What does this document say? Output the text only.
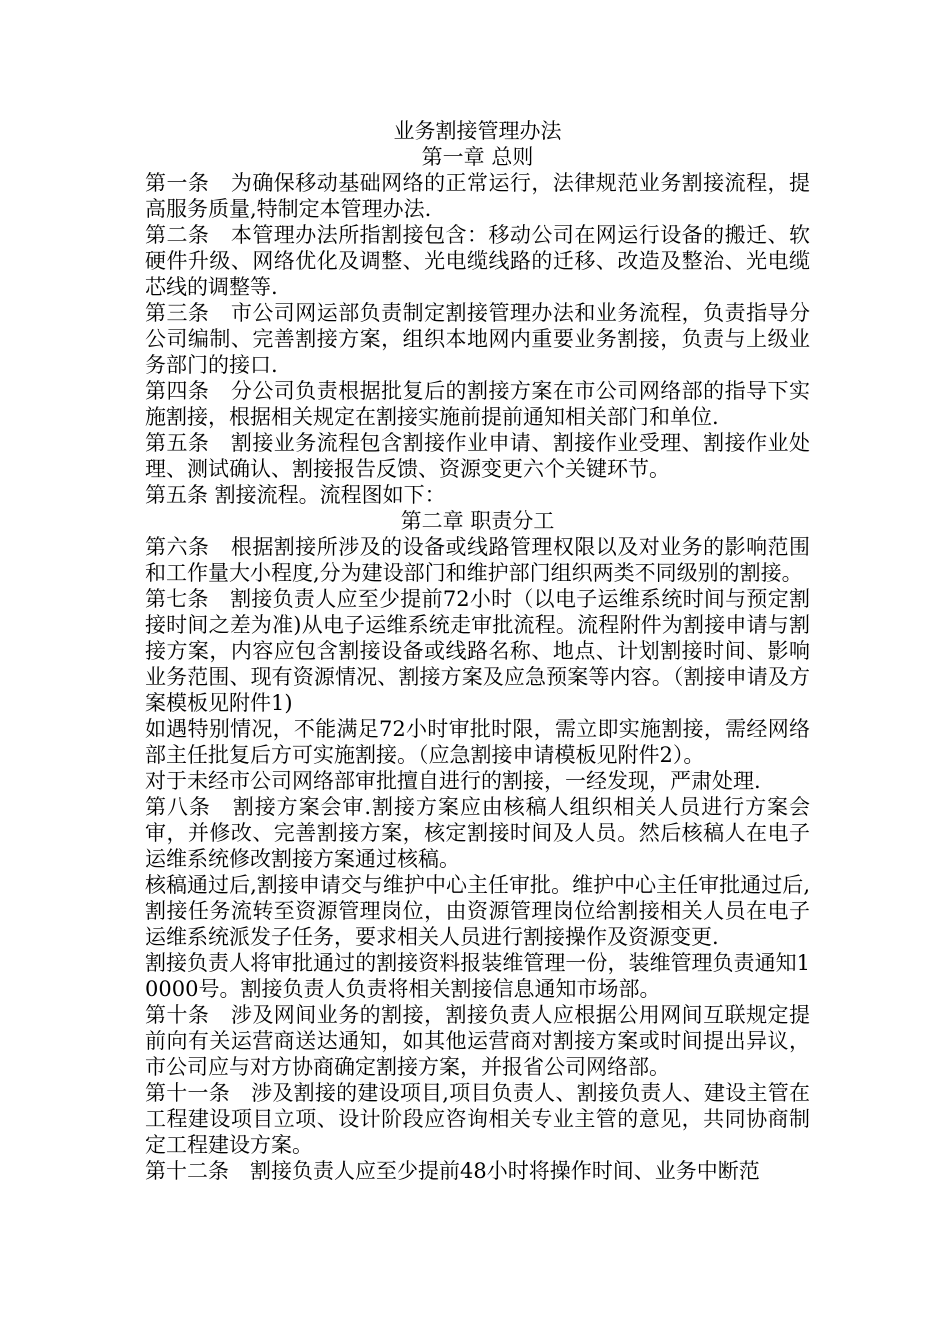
业务割接管理办法
第一章 总则

第一条　为确保移动基础网络的正常运行，法律规范业务割接流程，提高服务质量,特制定本管理办法.

第二条　本管理办法所指割接包含：移动公司在网运行设备的搬迁、软硬件升级、网络优化及调整、光电缆线路的迁移、改造及整治、光电缆芯线的调整等.

第三条　市公司网运部负责制定割接管理办法和业务流程，负责指导分公司编制、完善割接方案，组织本地网内重要业务割接，负责与上级业务部门的接口.

第四条　分公司负责根据批复后的割接方案在市公司网络部的指导下实施割接，根据相关规定在割接实施前提前通知相关部门和单位.

第五条　割接业务流程包含割接作业申请、割接作业受理、割接作业处理、测试确认、割接报告反馈、资源变更六个关键环节。

第五条 割接流程。流程图如下：

第二章 职责分工

第六条　根据割接所涉及的设备或线路管理权限以及对业务的影响范围和工作量大小程度,分为建设部门和维护部门组织两类不同级别的割接。

第七条　割接负责人应至少提前72小时（以电子运维系统时间与预定割接时间之差为准)从电子运维系统走审批流程。流程附件为割接申请与割接方案，内容应包含割接设备或线路名称、地点、计划割接时间、影响业务范围、现有资源情况、割接方案及应急预案等内容。（割接申请及方案模板见附件1)

如遇特别情况，不能满足72小时审批时限，需立即实施割接，需经网络部主任批复后方可实施割接。（应急割接申请模板见附件2）。

对于未经市公司网络部审批擅自进行的割接，一经发现，严肃处理.

第八条　割接方案会审.割接方案应由核稿人组织相关人员进行方案会审，并修改、完善割接方案，核定割接时间及人员。然后核稿人在电子运维系统修改割接方案通过核稿。

核稿通过后,割接申请交与维护中心主任审批。维护中心主任审批通过后,割接任务流转至资源管理岗位，由资源管理岗位给割接相关人员在电子运维系统派发子任务，要求相关人员进行割接操作及资源变更.

割接负责人将审批通过的割接资料报装维管理一份，装维管理负责通知10000号。割接负责人负责将相关割接信息通知市场部。

第十条　涉及网间业务的割接，割接负责人应根据公用网间互联规定提前向有关运营商送达通知，如其他运营商对割接方案或时间提出异议，市公司应与对方协商确定割接方案，并报省公司网络部。

第十一条　涉及割接的建设项目,项目负责人、割接负责人、建设主管在工程建设项目立项、设计阶段应咨询相关专业主管的意见，共同协商制定工程建设方案。

第十二条　割接负责人应至少提前48小时将操作时间、业务中断范
